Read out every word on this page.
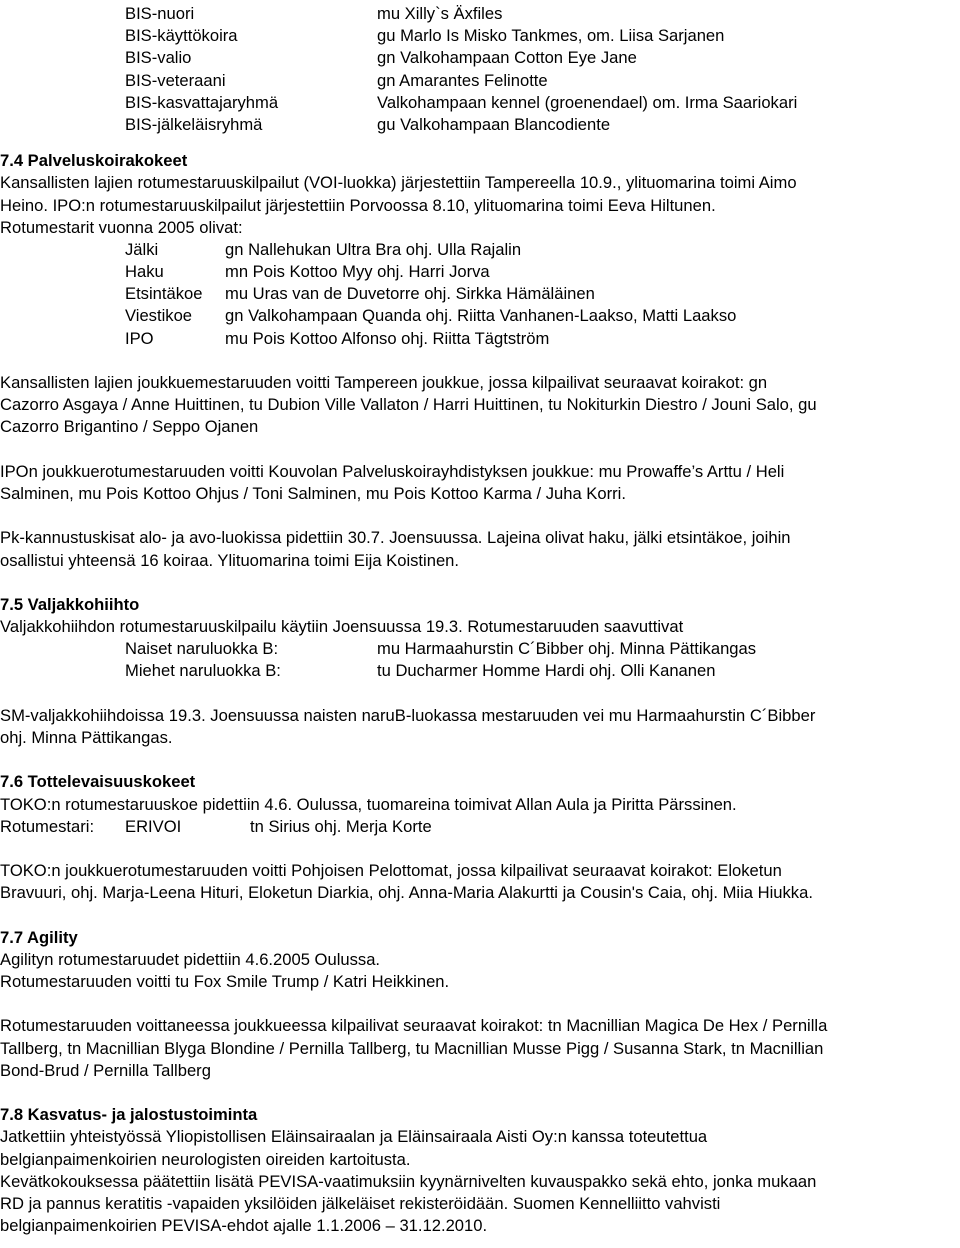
BIS-nuori	mu Xilly`s Äxfiles
BIS-käyttökoira	gu Marlo Is Misko Tankmes, om. Liisa Sarjanen
BIS-valio	gn Valkohampaan Cotton Eye Jane
BIS-veteraani	gn Amarantes Felinotte
BIS-kasvattajaryhmä	Valkohampaan kennel (groenendael) om. Irma Saariokari
BIS-jälkeläisryhmä	gu Valkohampaan Blancodiente
7.4 Palveluskoirakokeet
Kansallisten lajien rotumestaruuskilpailut (VOI-luokka) järjestettiin Tampereella 10.9., ylituomarina toimi Aimo
Heino. IPO:n rotumestaruuskilpailut järjestettiin Porvoossa 8.10, ylituomarina toimi Eeva Hiltunen.
Rotumestarit vuonna 2005 olivat:
Jälki	gn Nallehukan Ultra Bra ohj. Ulla Rajalin
Haku	mn Pois Kottoo Myy ohj. Harri Jorva
Etsintäkoe mu Uras van de Duvetorre ohj. Sirkka Hämäläinen
Viestikoe gn Valkohampaan Quanda ohj. Riitta Vanhanen-Laakso, Matti Laakso
IPO	mu Pois Kottoo Alfonso ohj. Riitta Tägtström
Kansallisten lajien joukkuemestaruuden voitti Tampereen joukkue, jossa kilpailivat seuraavat koirakot: gn
Cazorro Asgaya / Anne Huittinen, tu Dubion Ville Vallaton / Harri Huittinen, tu Nokiturkin Diestro / Jouni Salo, gu
Cazorro Brigantino / Seppo Ojanen
IPOn joukkuerotumestaruuden voitti Kouvolan Palveluskoirayhdistyksen joukkue: mu Prowaffe’s Arttu / Heli
Salminen, mu Pois Kottoo Ohjus / Toni Salminen, mu Pois Kottoo Karma / Juha Korri.
Pk-kannustuskisat alo- ja avo-luokissa pidettiin 30.7. Joensuussa. Lajeina olivat haku, jälki etsintäkoe, joihin
osallistui yhteensä 16 koiraa. Ylituomarina toimi Eija Koistinen.
7.5 Valjakkohiihto
Valjakkohiihdon rotumestaruuskilpailu käytiin Joensuussa 19.3. Rotumestaruuden saavuttivat
Naiset naruluokka B:	mu Harmaahurstin C´Bibber ohj. Minna Pättikangas
Miehet naruluokka B:	tu Ducharmer Homme Hardi ohj. Olli Kananen
SM-valjakkohiihdoissa 19.3. Joensuussa naisten naruB-luokassa mestaruuden vei mu Harmaahurstin C´Bibber
ohj. Minna Pättikangas.
7.6 Tottelevaisuuskokeet
TOKO:n rotumestaruuskoe pidettiin 4.6. Oulussa, tuomareina toimivat Allan Aula ja Piritta Pärssinen.
Rotumestari: ERIVOI	tn Sirius ohj. Merja Korte
TOKO:n joukkuerotumestaruuden voitti Pohjoisen Pelottomat, jossa kilpailivat seuraavat koirakot: Eloketun
Bravuuri, ohj. Marja-Leena Hituri, Eloketun Diarkia, ohj. Anna-Maria Alakurtti ja Cousin's Caia, ohj. Miia Hiukka.
7.7 Agility
Agilityn rotumestaruudet pidettiin 4.6.2005 Oulussa.
Rotumestaruuden voitti tu Fox Smile Trump / Katri Heikkinen.
Rotumestaruuden voittaneessa joukkueessa kilpailivat seuraavat koirakot: tn Macnillian Magica De Hex / Pernilla
Tallberg, tn Macnillian Blyga Blondine / Pernilla Tallberg, tu Macnillian Musse Pigg / Susanna Stark, tn Macnillian
Bond-Brud / Pernilla Tallberg
7.8 Kasvatus- ja jalostustoiminta
Jatkettiin yhteistyössä Yliopistollisen Eläinsairaalan ja Eläinsairaala Aisti Oy:n kanssa toteutettua
belgianpaimenkoirien neurologisten oireiden kartoitusta.
Kevätkokouksessa päätettiin lisätä PEVISA-vaatimuksiin kyynärnivelten kuvauspakko sekä ehto, jonka mukaan
RD ja pannus keratitis -vapaiden yksilöiden jälkeläiset rekisteröidään. Suomen Kennelliitto vahvisti
belgianpaimenkoirien PEVISA-ehdot ajalle 1.1.2006 – 31.12.2010.
